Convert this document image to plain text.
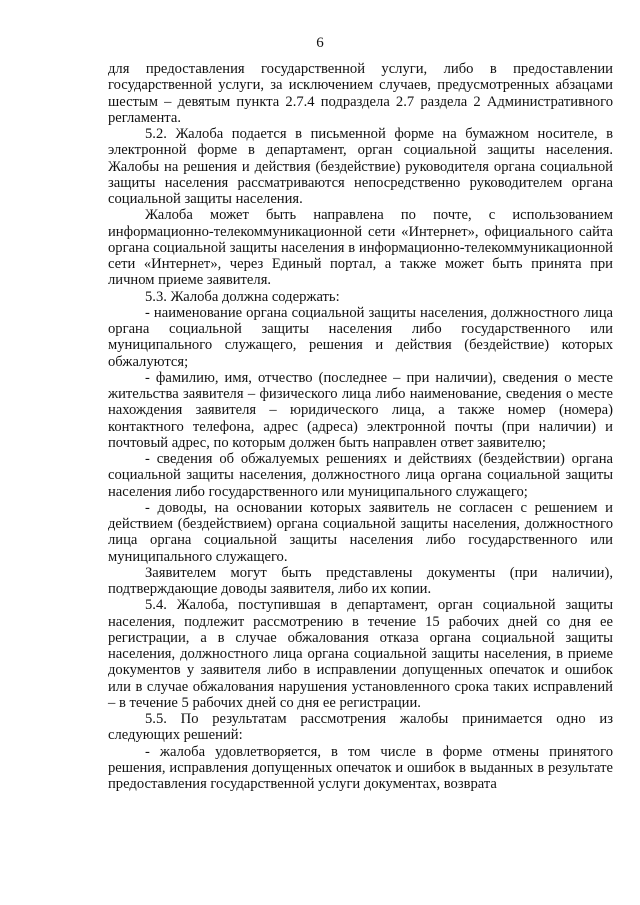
6

для предоставления государственной услуги, либо в предоставлении государственной услуги, за исключением случаев, предусмотренных абзацами шестым – девятым пункта 2.7.4 подраздела 2.7 раздела 2 Административного регламента.

5.2. Жалоба подается в письменной форме на бумажном носителе, в электронной форме в департамент, орган социальной защиты населения. Жалобы на решения и действия (бездействие) руководителя органа социальной защиты населения рассматриваются непосредственно руководителем органа социальной защиты населения.

Жалоба может быть направлена по почте, с использованием информационно-телекоммуникационной сети «Интернет», официального сайта органа социальной защиты населения в информационно-телекоммуникационной сети «Интернет», через Единый портал, а также может быть принята при личном приеме заявителя.

5.3. Жалоба должна содержать:

- наименование органа социальной защиты населения, должностного лица органа социальной защиты населения либо государственного или муниципального служащего, решения и действия (бездействие) которых обжалуются;

- фамилию, имя, отчество (последнее – при наличии), сведения о месте жительства заявителя – физического лица либо наименование, сведения о месте нахождения заявителя – юридического лица, а также номер (номера) контактного телефона, адрес (адреса) электронной почты (при наличии) и почтовый адрес, по которым должен быть направлен ответ заявителю;

- сведения об обжалуемых решениях и действиях (бездействии) органа социальной защиты населения, должностного лица органа социальной защиты населения либо государственного или муниципального служащего;

- доводы, на основании которых заявитель не согласен с решением и действием (бездействием) органа социальной защиты населения, должностного лица органа социальной защиты населения либо государственного или муниципального служащего.

Заявителем могут быть представлены документы (при наличии), подтверждающие доводы заявителя, либо их копии.

5.4. Жалоба, поступившая в департамент, орган социальной защиты населения, подлежит рассмотрению в течение 15 рабочих дней со дня ее регистрации, а в случае обжалования отказа органа социальной защиты населения, должностного лица органа социальной защиты населения, в приеме документов у заявителя либо в исправлении допущенных опечаток и ошибок или в случае обжалования нарушения установленного срока таких исправлений – в течение 5 рабочих дней со дня ее регистрации.

5.5. По результатам рассмотрения жалобы принимается одно из следующих решений:

- жалоба удовлетворяется, в том числе в форме отмены принятого решения, исправления допущенных опечаток и ошибок в выданных в результате предоставления государственной услуги документах, возврата
